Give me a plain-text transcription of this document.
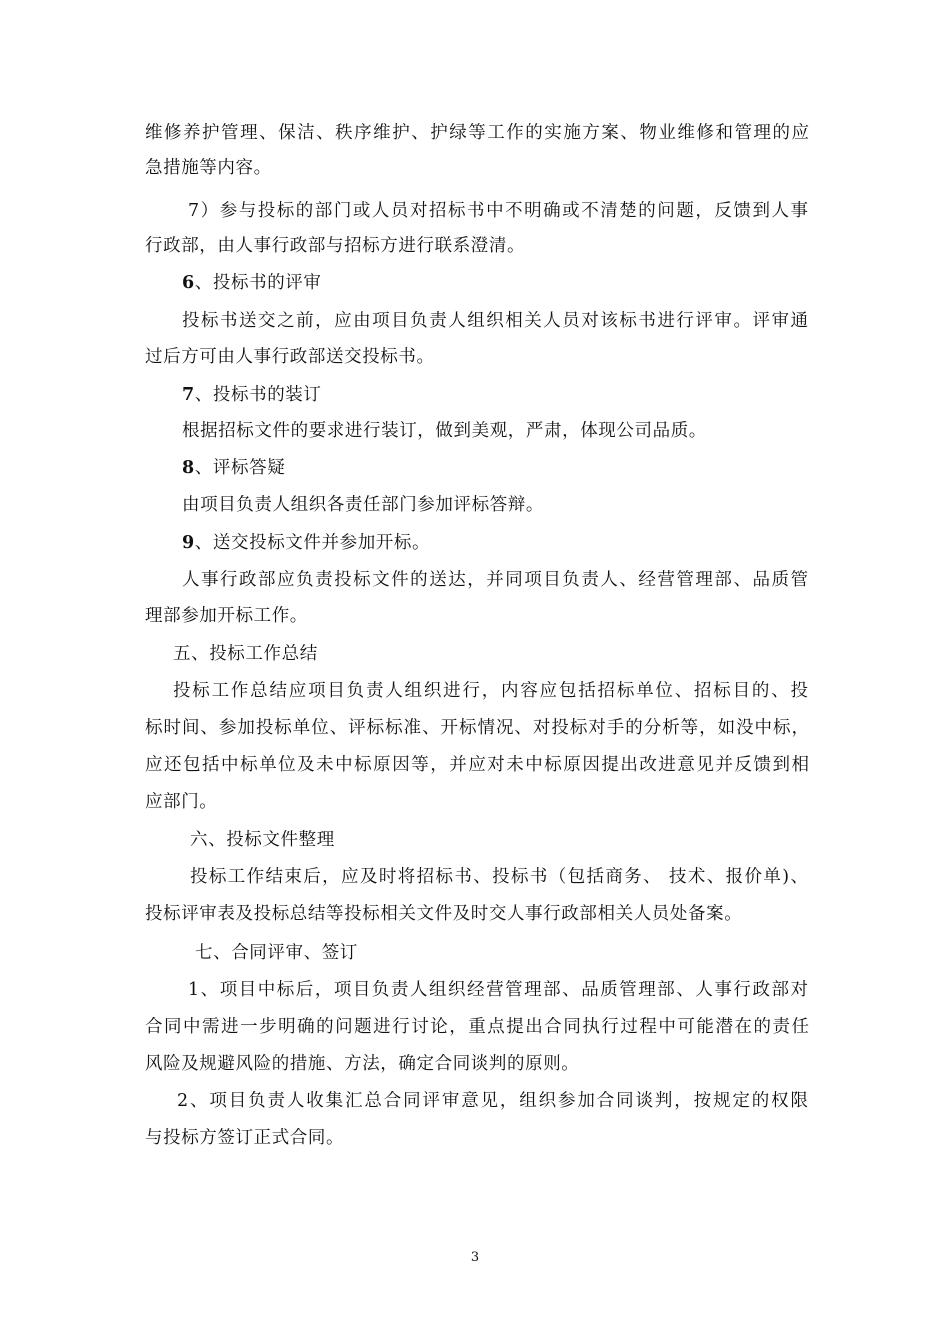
维修养护管理、保洁、秩序维护、护绿等工作的实施方案、物业维修和管理的应
急措施等内容。
7）参与投标的部门或人员对招标书中不明确或不清楚的问题，反馈到人事
行政部，由人事行政部与招标方进行联系澄清。
6、投标书的评审
投标书送交之前，应由项目负责人组织相关人员对该标书进行评审。评审通
过后方可由人事行政部送交投标书。
7、投标书的装订
根据招标文件的要求进行装订，做到美观，严肃，体现公司品质。
8、评标答疑
由项目负责人组织各责任部门参加评标答辩。
9、送交投标文件并参加开标。
人事行政部应负责投标文件的送达，并同项目负责人、经营管理部、品质管
理部参加开标工作。
五、投标工作总结
投标工作总结应项目负责人组织进行，内容应包括招标单位、招标目的、投
标时间、参加投标单位、评标标准、开标情况、对投标对手的分析等，如没中标，
应还包括中标单位及未中标原因等，并应对未中标原因提出改进意见并反馈到相
应部门。
六、投标文件整理
投标工作结束后，应及时将招标书、投标书（包括商务、 技术、报价单)、
投标评审表及投标总结等投标相关文件及时交人事行政部相关人员处备案。
七、合同评审、签订
1、项目中标后，项目负责人组织经营管理部、品质管理部、人事行政部对
合同中需进一步明确的问题进行讨论，重点提出合同执行过程中可能潜在的责任
风险及规避风险的措施、方法，确定合同谈判的原则。
2、项目负责人收集汇总合同评审意见，组织参加合同谈判，按规定的权限
与投标方签订正式合同。
3
